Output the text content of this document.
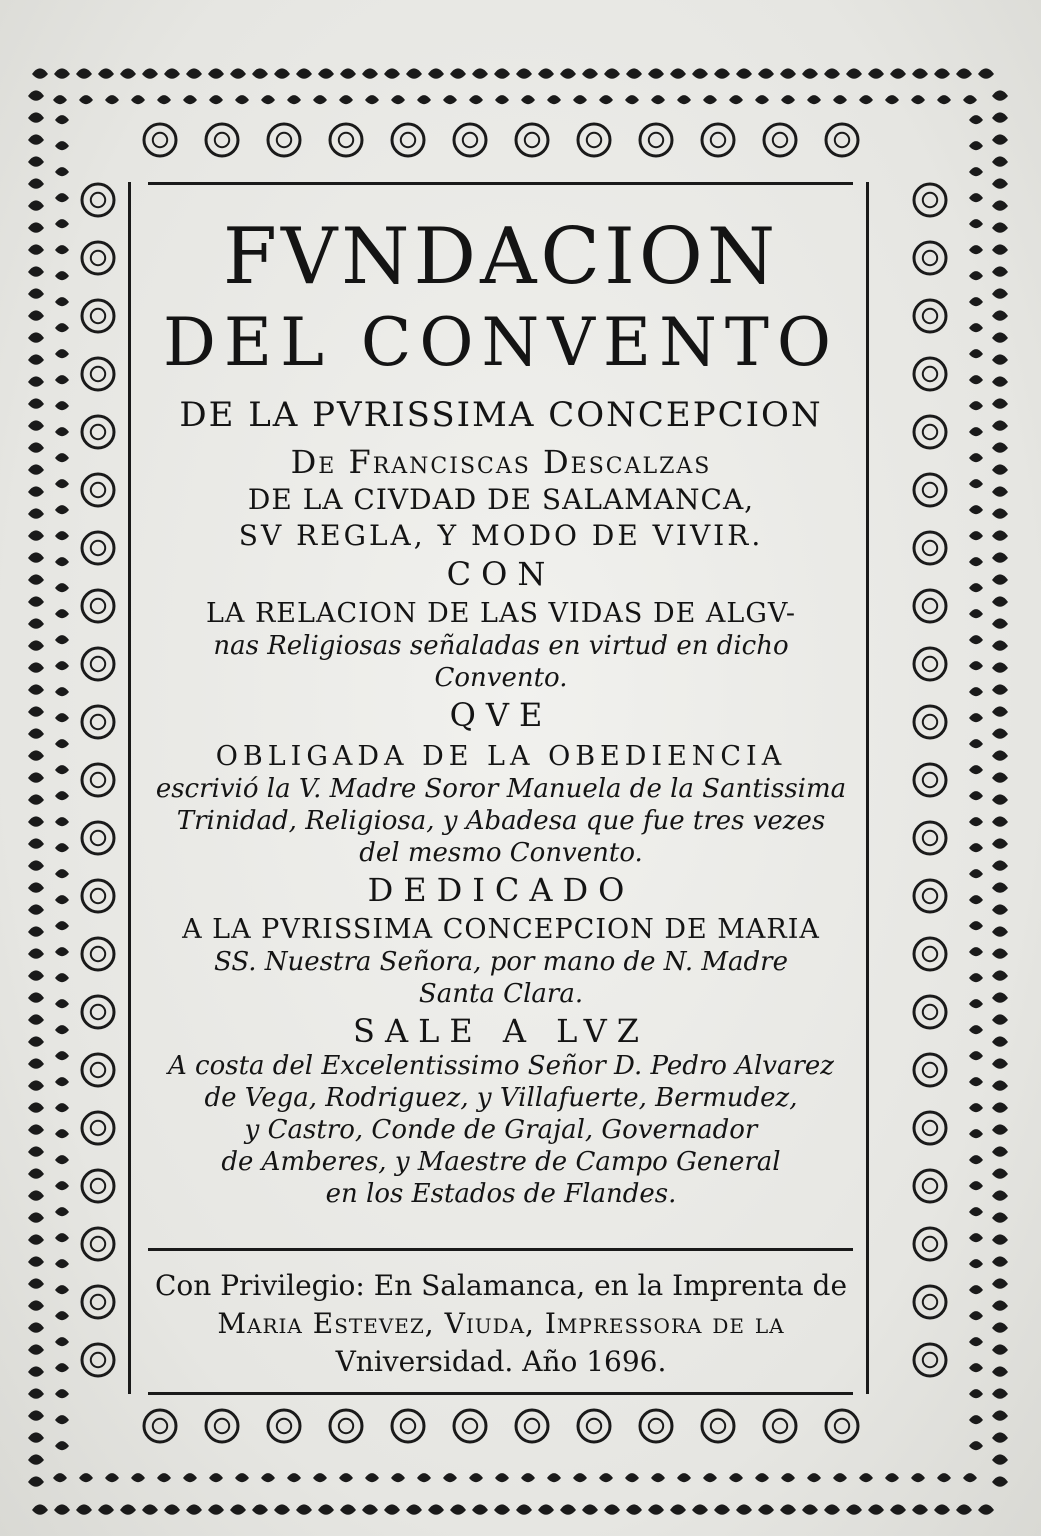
FVNDACION
DEL CONVENTO
DE LA PVRISSIMA CONCEPCION
De Franciscas Descalzas
DE LA CIVDAD DE SALAMANCA,
SV REGLA, Y MODO DE VIVIR.
CON
LA RELACION DE LAS VIDAS DE ALGV-
nas Religiosas señaladas en virtud en dicho
Convento.
QVE
OBLIGADA DE LA OBEDIENCIA
escrivió la V. Madre Soror Manuela de la Santissima
Trinidad, Religiosa, y Abadesa que fue tres vezes
del mesmo Convento.
DEDICADO
A LA PVRISSIMA CONCEPCION DE MARIA
SS. Nuestra Señora, por mano de N. Madre
Santa Clara.
SALE A LVZ
A costa del Excelentissimo Señor D. Pedro Alvarez
de Vega, Rodriguez, y Villafuerte, Bermudez,
y Castro, Conde de Grajal, Governador
de Amberes, y Maestre de Campo General
en los Estados de Flandes.
Con Privilegio: En Salamanca, en la Imprenta de
Maria Estevez, Viuda, Impressora de la
Vniversidad. Año 1696.
